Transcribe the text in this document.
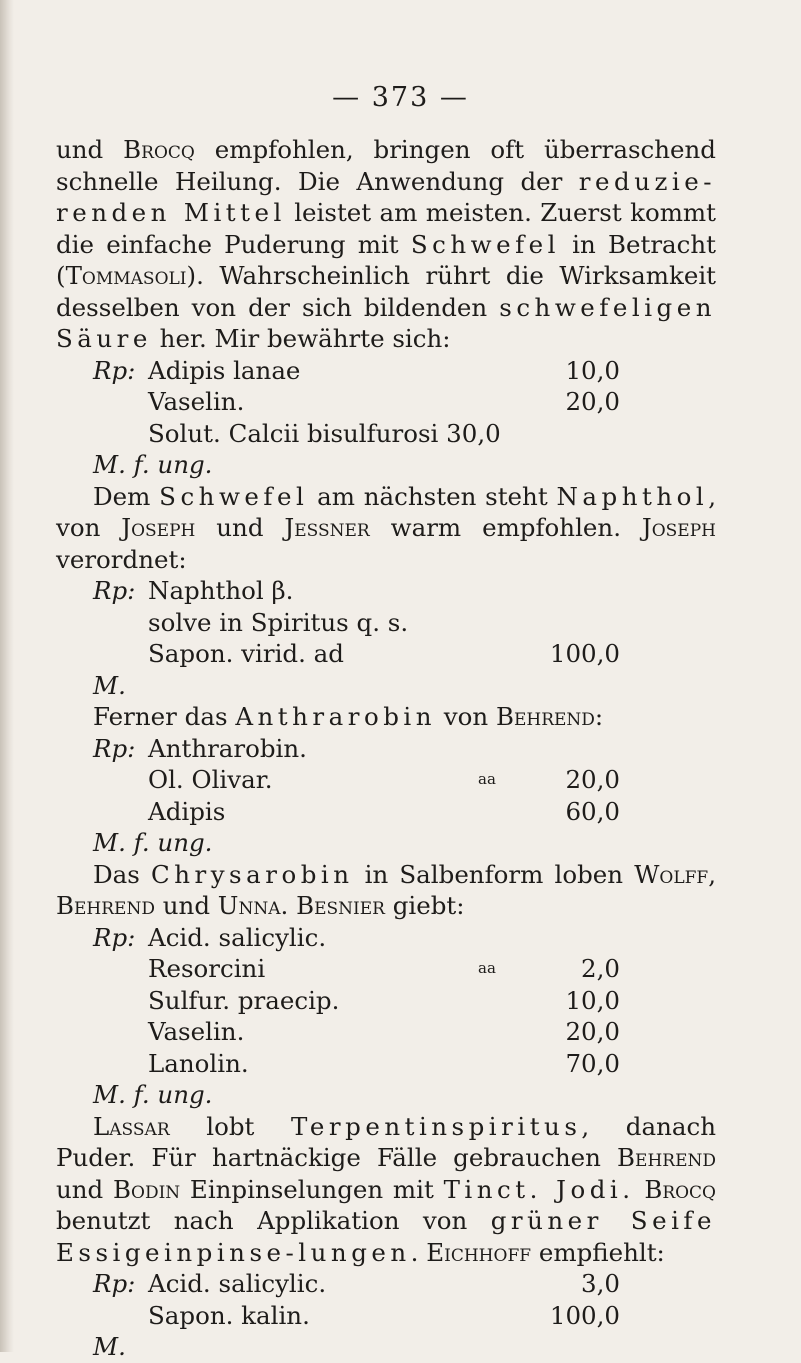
— 373 —

und Brocq empfohlen, bringen oft überraschend schnelle Heilung. Die Anwendung der reduzie-renden Mittel leistet am meisten. Zuerst kommt die einfache Puderung mit Schwefel in Betracht (Tommasoli). Wahrscheinlich rührt die Wirksamkeit desselben von der sich bildenden schwefeligen Säure her. Mir bewährte sich:

Rp: Adipis lanae	10,0
Vaselin.	20,0
Solut. Calcii bisulfurosi 30,0
M. f. ung.

Dem Schwefel am nächsten steht Naphthol, von Joseph und Jessner warm empfohlen. Joseph verordnet:

Rp: Naphthol β.
solve in Spiritus q. s.
Sapon. virid. ad	100,0
M.

Ferner das Anthrarobin von Behrend:

Rp: Anthrarobin.
Ol. Olivar.	aa	20,0
Adipis	60,0
M. f. ung.

Das Chrysarobin in Salbenform loben Wolff, Behrend und Unna. Besnier giebt:

Rp: Acid. salicylic.
Resorcini	aa	2,0
Sulfur. praecip.	10,0
Vaselin.	20,0
Lanolin.	70,0
M. f. ung.

Lassar lobt Terpentinspiritus, danach Puder. Für hartnäckige Fälle gebrauchen Behrend und Bodin Einpinselungen mit Tinct. Jodi. Brocq benutzt nach Applikation von grüner Seife Essigeinpinse-lungen. Eichhoff empfiehlt:

Rp: Acid. salicylic.	3,0
Sapon. kalin.	100,0
M.
